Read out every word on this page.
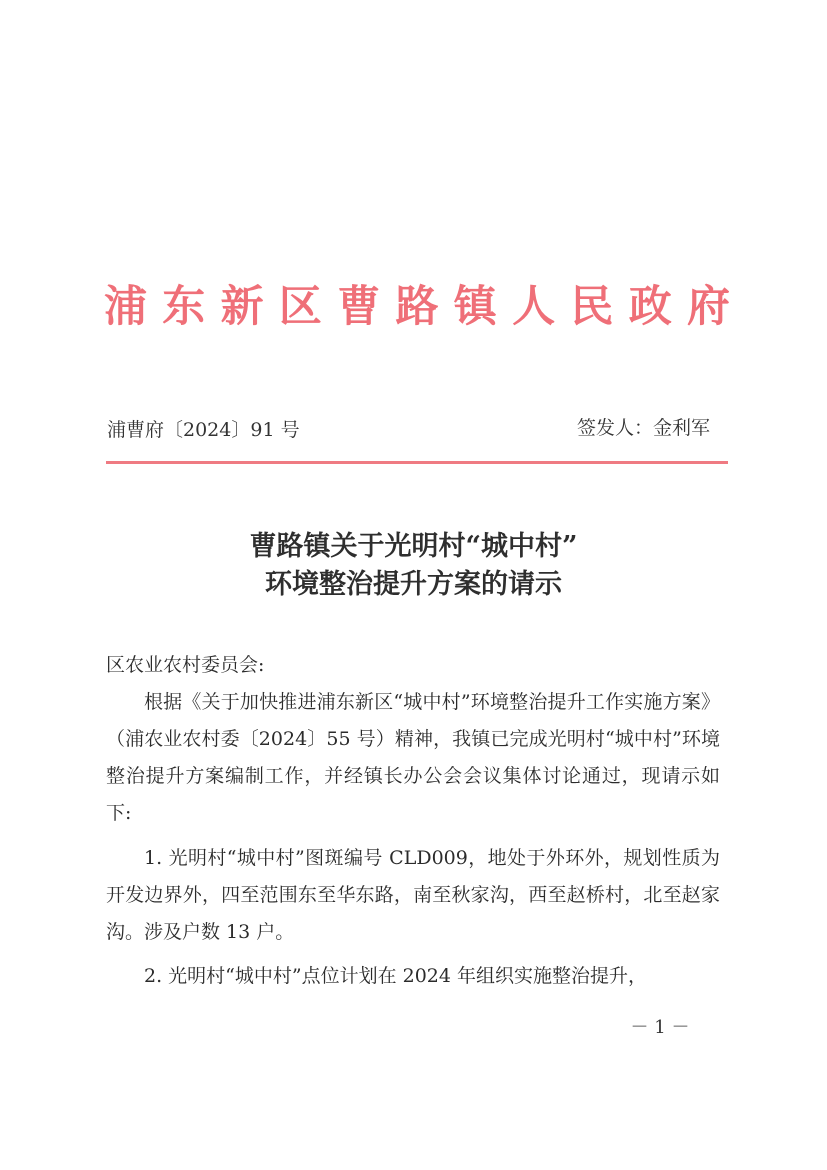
浦东新区曹路镇人民政府
浦曹府〔2024〕91 号	签发人：金利军
曹路镇关于光明村“城中村”
环境整治提升方案的请示
区农业农村委员会:

根据《关于加快推进浦东新区“城中村”环境整治提升工作实施方案》（浦农业农村委〔2024〕55 号）精神，我镇已完成光明村“城中村”环境整治提升方案编制工作，并经镇长办公会会议集体讨论通过，现请示如下:

1. 光明村“城中村”图斑编号 CLD009，地处于外环外，规划性质为开发边界外，四至范围东至华东路，南至秋家沟，西至赵桥村，北至赵家沟。涉及户数 13 户。

2. 光明村“城中村”点位计划在 2024 年组织实施整治提升，

－ 1 －
